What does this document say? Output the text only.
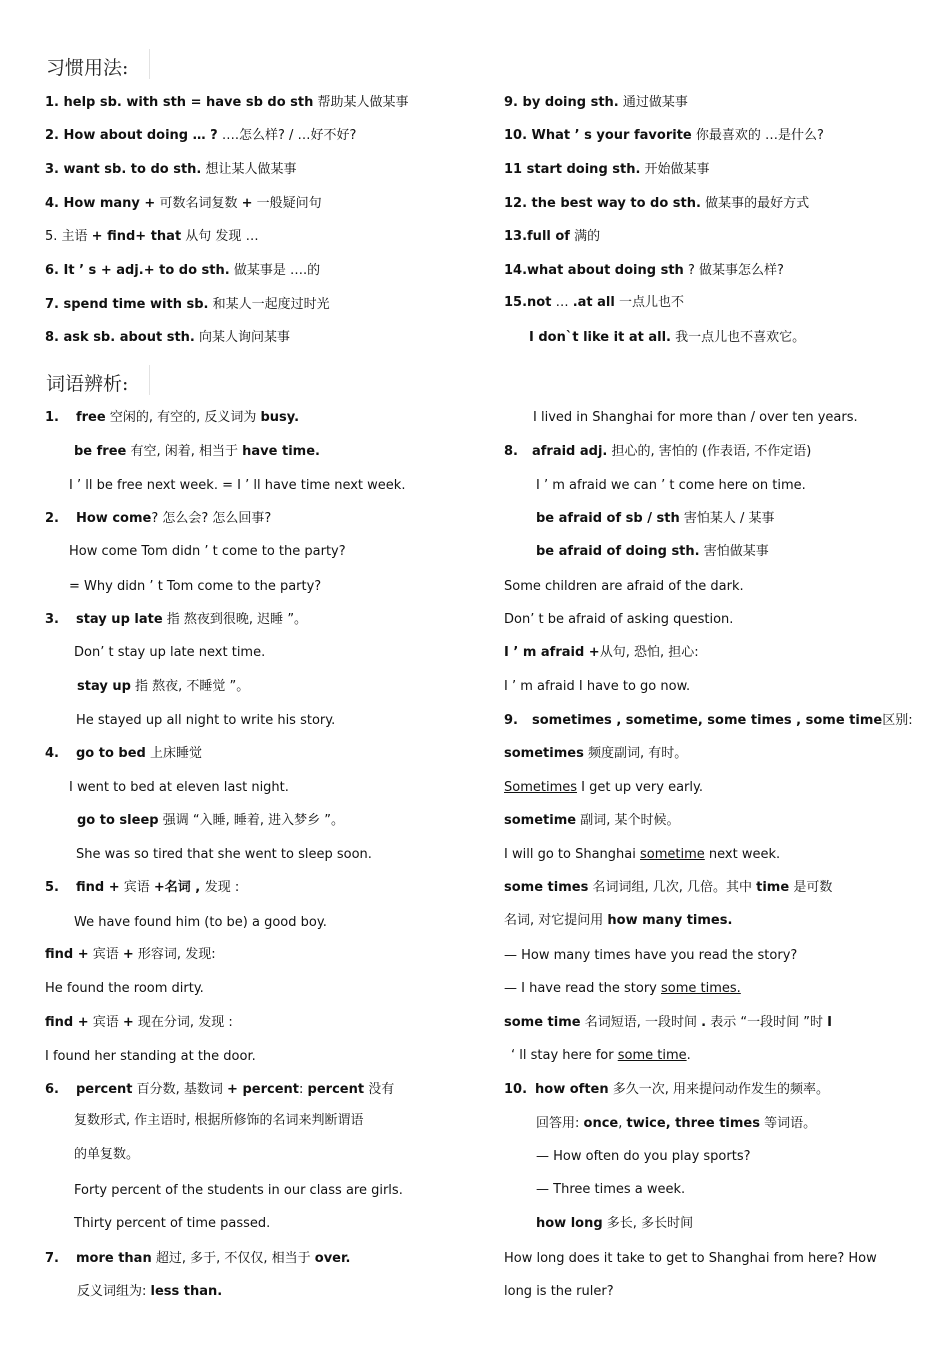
习惯用法:
1. help sb. with sth = have sb do sth 帮助某人做某事
2. How about doing … ? ….怎么样? / …好不好?
3. want sb. to do sth. 想让某人做某事
4. How many + 可数名词复数 + 一般疑问句
5. 主语 + find+ that 从句 发现 …
6. It ’ s + adj.+ to do sth. 做某事是 ….的
7. spend time with sb. 和某人一起度过时光
8. ask sb. about sth. 向某人询问某事
9. by doing sth. 通过做某事
10. What ’ s your favorite 你最喜欢的 …是什么?
11 start doing sth. 开始做某事
12. the best way to do sth. 做某事的最好方式
13.full of 满的
14.what about doing sth ? 做某事怎么样?
15.not … .at all 一点儿也不
I don`t like it at all. 我一点儿也不喜欢它。
词语辨析:
1. free 空闲的, 有空的, 反义词为 busy.
be free 有空, 闲着, 相当于 have time.
I ’ ll be free next week. = I ’ ll have time next week.
2. How come? 怎么会? 怎么回事?
How come Tom didn ’ t come to the party?
= Why didn ’ t Tom come to the party?
3. stay up late 指 熬夜到很晚, 迟睡 ”。
Don’ t stay up late next time.
stay up 指 熬夜, 不睡觉 ”。
He stayed up all night to write his story.
4. go to bed 上床睡觉
I went to bed at eleven last night.
go to sleep 强调 “入睡, 睡着, 进入梦乡 ”。
She was so tired that she went to sleep soon.
5. find + 宾语 +名词 , 发现 :
We have found him (to be) a good boy.
find + 宾语 + 形容词, 发现:
He found the room dirty.
find + 宾语 + 现在分词, 发现 :
I found her standing at the door.
6. percent 百分数, 基数词 + percent: percent 没有
复数形式, 作主语时, 根据所修饰的名词来判断谓语
的单复数。
Forty percent of the students in our class are girls.
Thirty percent of time passed.
7. more than 超过, 多于, 不仅仅, 相当于 over.
反义词组为: less than.
I lived in Shanghai for more than / over ten years.
8. afraid adj. 担心的, 害怕的 (作表语, 不作定语)
I ’ m afraid we can ’ t come here on time.
be afraid of sb / sth 害怕某人 / 某事
be afraid of doing sth. 害怕做某事
Some children are afraid of the dark.
Don’ t be afraid of asking question.
I ’ m afraid +从句, 恐怕, 担心:
I ’ m afraid I have to go now.
9. sometimes , sometime, some times , some time区别:
sometimes 频度副词, 有时。
Sometimes I get up very early.
sometime 副词, 某个时候。
I will go to Shanghai sometime next week.
some times 名词词组, 几次, 几倍。其中 time 是可数
名词, 对它提问用 how many times.
— How many times have you read the story?
— I have read the story some times.
some time 名词短语, 一段时间 . 表示 “一段时间 ”时 I
‘ ll stay here for some time.
10. how often 多久一次, 用来提问动作发生的频率。
回答用: once, twice, three times 等词语。
— How often do you play sports?
— Three times a week.
how long 多长, 多长时间
How long does it take to get to Shanghai from here? How
long is the ruler?
